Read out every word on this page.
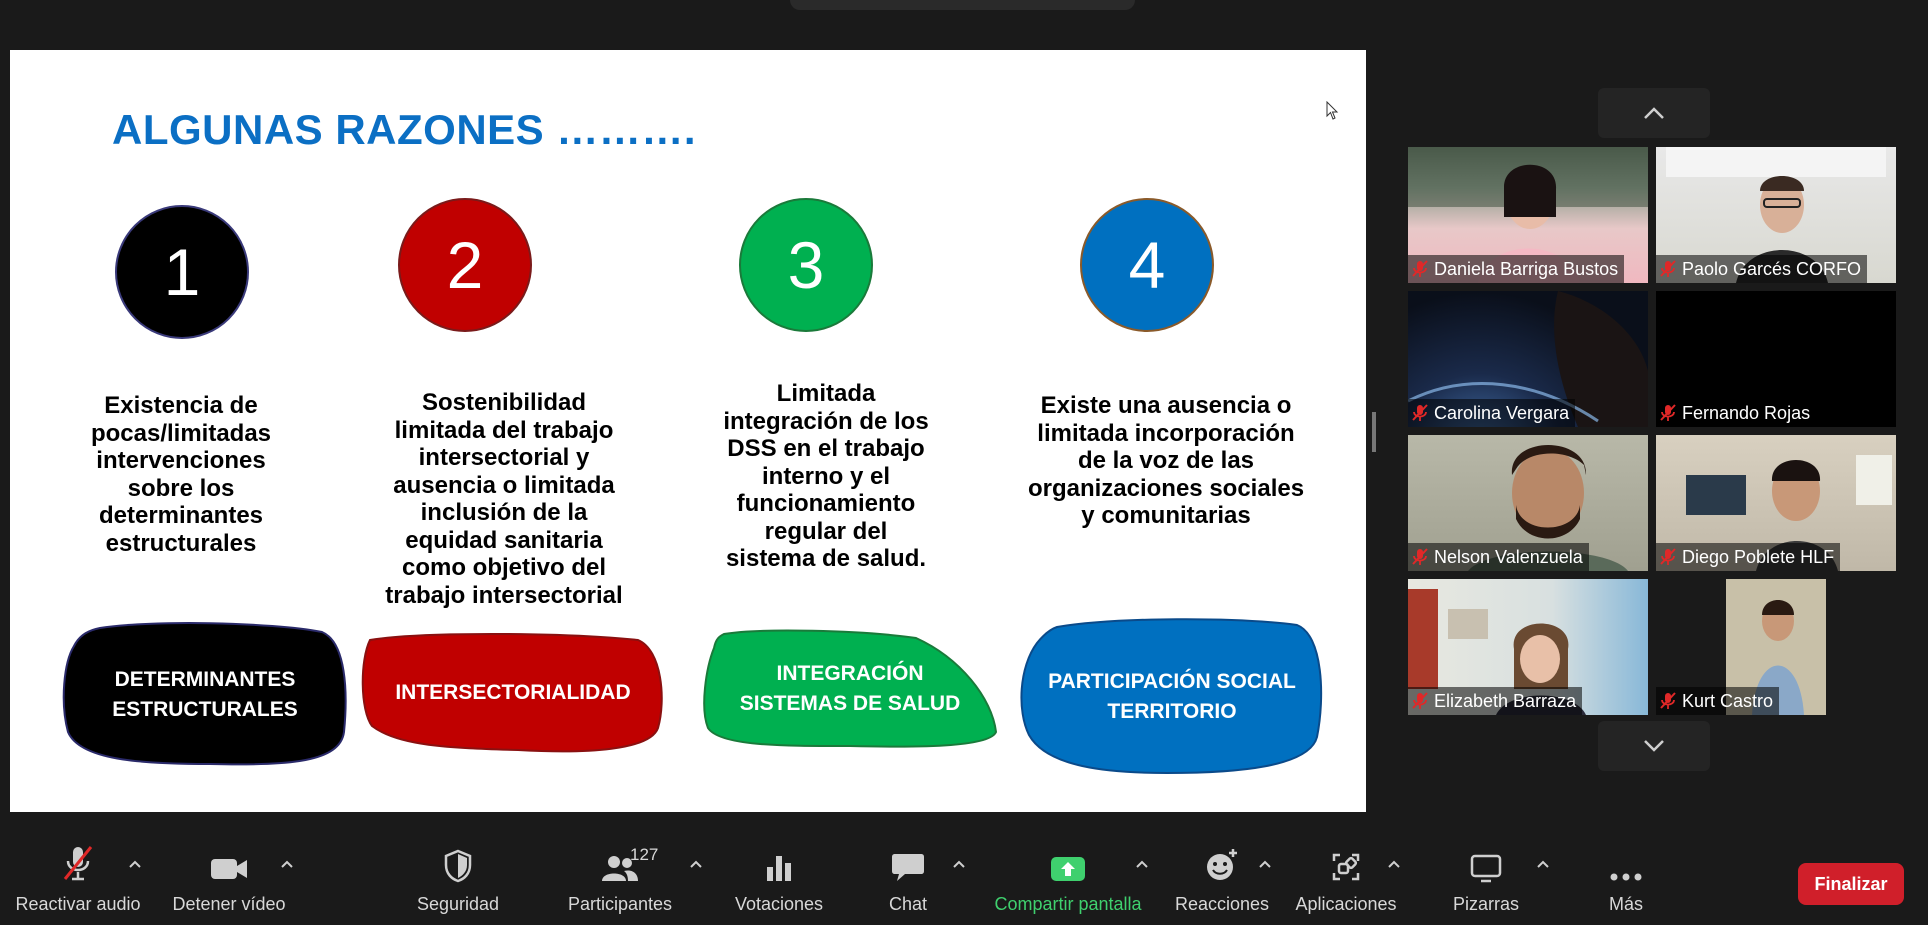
ALGUNAS RAZONES ……….
1	2	3	4
Existencia de
pocas/limitadas
intervenciones
sobre los
determinantes
estructurales
Sostenibilidad
limitada del trabajo
intersectorial y
ausencia o limitada
inclusión de la
equidad sanitaria
como objetivo del
trabajo intersectorial
Limitada
integración de los
DSS en el trabajo
interno y el
funcionamiento
regular del
sistema de salud.
Existe una ausencia o
limitada incorporación
de la voz de las
organizaciones sociales
y comunitarias
DETERMINANTES
ESTRUCTURALES
INTERSECTORIALIDAD
INTEGRACIÓN
SISTEMAS DE SALUD
PARTICIPACIÓN SOCIAL
TERRITORIO
Daniela Barriga Bustos	Paolo Garcés CORFO
Carolina Vergara	Fernando Rojas
Nelson Valenzuela	Diego Poblete HLF
Elizabeth Barraza	Kurt Castro
Reactivar audio Detener vídeo	Seguridad
127
Participantes	Votaciones	Chat	Compartir pantalla Reacciones Aplicaciones	Pizarras	Más
Finalizar
